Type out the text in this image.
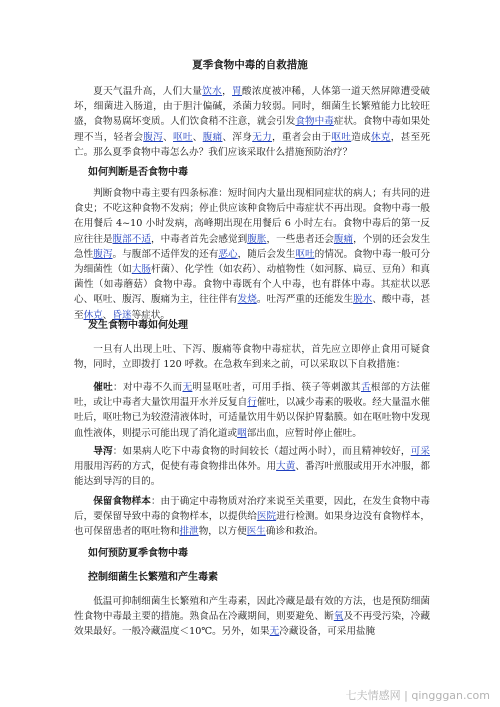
夏季食物中毒的自救措施

夏天气温升高，人们大量饮水，胃酸浓度被冲稀，人体第一道天然屏障遭受破坏，细菌进入肠道，由于胆汁偏碱，杀菌力较弱。同时，细菌生长繁殖能力比较旺盛，食物易腐坏变质。人们饮食稍不注意，就会引发食物中毒症状。食物中毒如果处理不当，轻者会腹泻、呕吐、腹痛、浑身无力，重者会由于呕吐造成休克，甚至死亡。那么夏季食物中毒怎么办？我们应该采取什么措施预防治疗？

如何判断是否食物中毒

判断食物中毒主要有四条标准：短时间内大量出现相同症状的病人；有共同的进食史；不吃这种食物不发病；停止供应该种食物后中毒症状不再出现。食物中毒一般在用餐后 4~10 小时发病，高峰期出现在用餐后 6 小时左右。食物中毒后的第一反应往往是腹部不适，中毒者首先会感觉到腹胀，一些患者还会腹痛，个别的还会发生急性腹泻。与腹部不适伴发的还有恶心，随后会发生呕吐的情况。食物中毒一般可分为细菌性（如大肠杆菌）、化学性（如农药）、动植物性（如河豚、扁豆、豆角）和真菌性（如毒蘑菇）食物中毒。食物中毒既有个人中毒，也有群体中毒。其症状以恶心、呕吐、腹泻、腹痛为主，往往伴有发烧。吐泻严重的还能发生脱水、酸中毒，甚至休克、昏迷等症状。

发生食物中毒如何处理

一旦有人出现上吐、下泻、腹痛等食物中毒症状，首先应立即停止食用可疑食物，同时，立即拨打 120 呼救。在急救车到来之前，可以采取以下自救措施：

催吐：对中毒不久而无明显呕吐者，可用手指、筷子等刺激其舌根部的方法催吐，或让中毒者大量饮用温开水并反复自行催吐，以减少毒素的吸收。经大量温水催吐后，呕吐物已为较澄清液体时，可适量饮用牛奶以保护胃黏膜。如在呕吐物中发现血性液体，则提示可能出现了消化道或咽部出血，应暂时停止催吐。

导泻：如果病人吃下中毒食物的时间较长（超过两小时），而且精神较好，可采用服用泻药的方式，促使有毒食物排出体外。用大黄、番泻叶煎服或用开水冲服，都能达到导泻的目的。

保留食物样本：由于确定中毒物质对治疗来说至关重要，因此，在发生食物中毒后，要保留导致中毒的食物样本，以提供给医院进行检测。如果身边没有食物样本，也可保留患者的呕吐物和排泄物，以方便医生确诊和救治。

如何预防夏季食物中毒
控制细菌生长繁殖和产生毒素

低温可抑制细菌生长繁殖和产生毒素，因此冷藏是最有效的方法，也是预防细菌性食物中毒最主要的措施。熟食品在冷藏期间，则要避免、断氧及不再受污染，冷藏效果最好。一般冷藏温度＜10℃。另外，如果无冷藏设备，可采用盐腌

七夫情感网 | qingggan.com
